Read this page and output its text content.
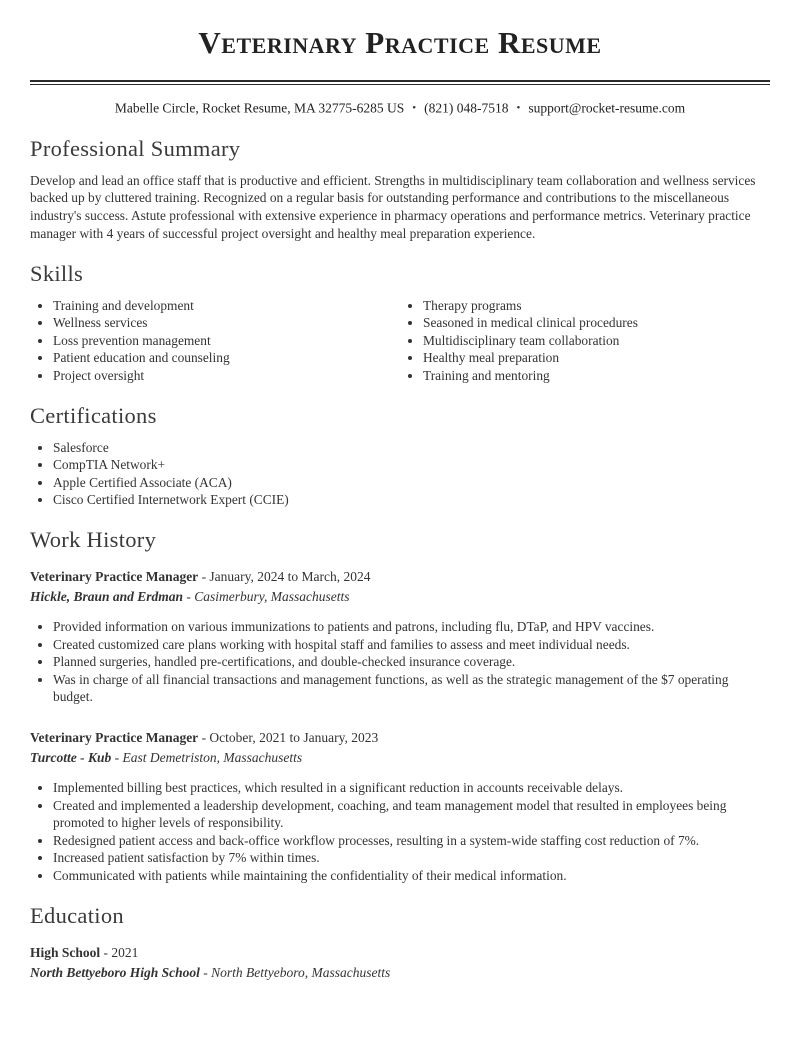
Veterinary Practice Resume
Mabelle Circle, Rocket Resume, MA 32775-6285 US • (821) 048-7518 • support@rocket-resume.com
Professional Summary

Develop and lead an office staff that is productive and efficient. Strengths in multidisciplinary team collaboration and wellness services backed up by cluttered training. Recognized on a regular basis for outstanding performance and contributions to the miscellaneous industry's success. Astute professional with extensive experience in pharmacy operations and performance metrics. Veterinary practice manager with 4 years of successful project oversight and healthy meal preparation experience.

Skills
• Training and development
• Wellness services
• Loss prevention management
• Patient education and counseling
• Project oversight
• Therapy programs
• Seasoned in medical clinical procedures
• Multidisciplinary team collaboration
• Healthy meal preparation
• Training and mentoring
Certifications
• Salesforce
• CompTIA Network+
• Apple Certified Associate (ACA)
• Cisco Certified Internetwork Expert (CCIE)
Work History
Veterinary Practice Manager - January, 2024 to March, 2024
Hickle, Braun and Erdman - Casimerbury, Massachusetts
• Provided information on various immunizations to patients and patrons, including flu, DTaP, and HPV vaccines.
• Created customized care plans working with hospital staff and families to assess and meet individual needs.
• Planned surgeries, handled pre-certifications, and double-checked insurance coverage.
• Was in charge of all financial transactions and management functions, as well as the strategic management of the $7 operating budget.
Veterinary Practice Manager - October, 2021 to January, 2023
Turcotte - Kub - East Demetriston, Massachusetts
• Implemented billing best practices, which resulted in a significant reduction in accounts receivable delays.
• Created and implemented a leadership development, coaching, and team management model that resulted in employees being promoted to higher levels of responsibility.
• Redesigned patient access and back-office workflow processes, resulting in a system-wide staffing cost reduction of 7%.
• Increased patient satisfaction by 7% within times.
• Communicated with patients while maintaining the confidentiality of their medical information.
Education
High School - 2021
North Bettyeboro High School - North Bettyeboro, Massachusetts
